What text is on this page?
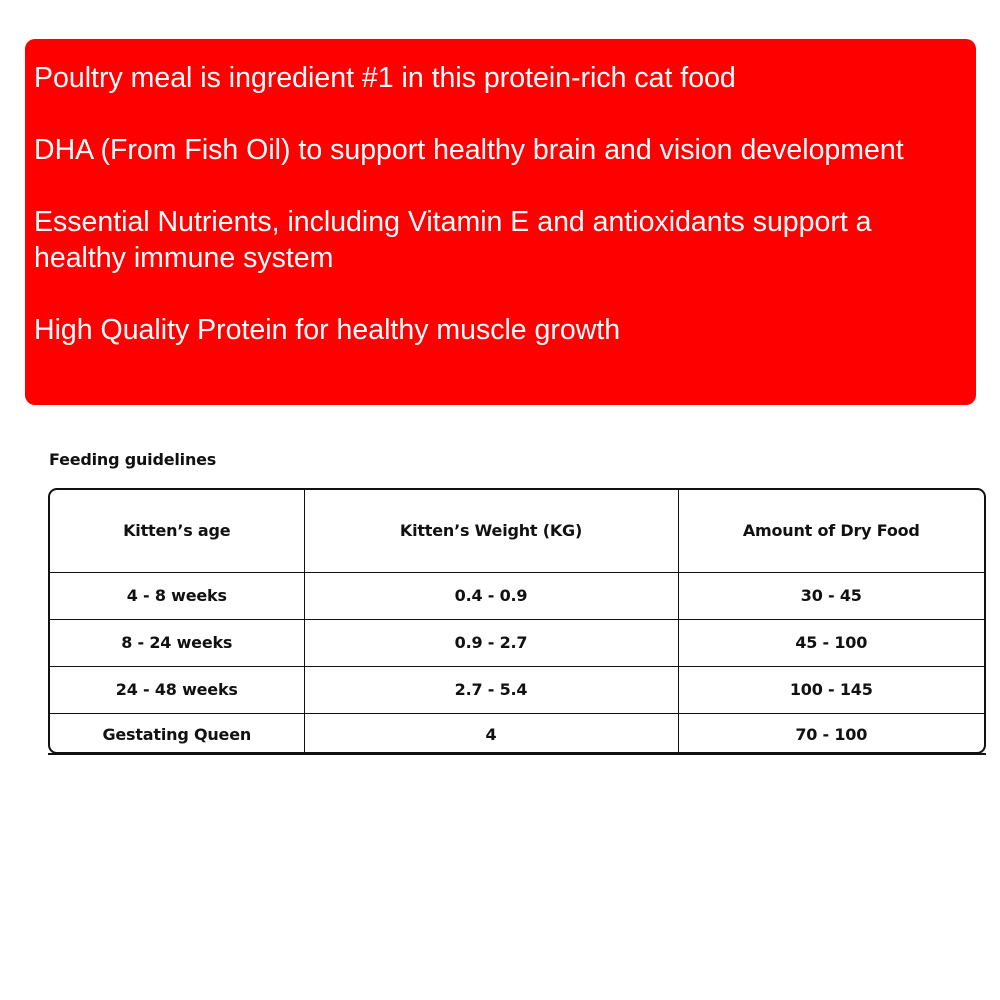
Poultry meal is ingredient #1 in this protein-rich cat food

DHA (From Fish Oil) to support healthy brain and vision development

Essential Nutrients, including Vitamin E and antioxidants support a
healthy immune system

High Quality Protein for healthy muscle growth

Feeding guidelines
Kitten’s age	Kitten’s Weight (KG)	Amount of Dry Food
4 - 8 weeks	0.4 - 0.9	30 - 45
8 - 24 weeks	0.9 - 2.7	45 - 100
24 - 48 weeks	2.7 - 5.4	100 - 145
Gestating Queen	4	70 - 100
